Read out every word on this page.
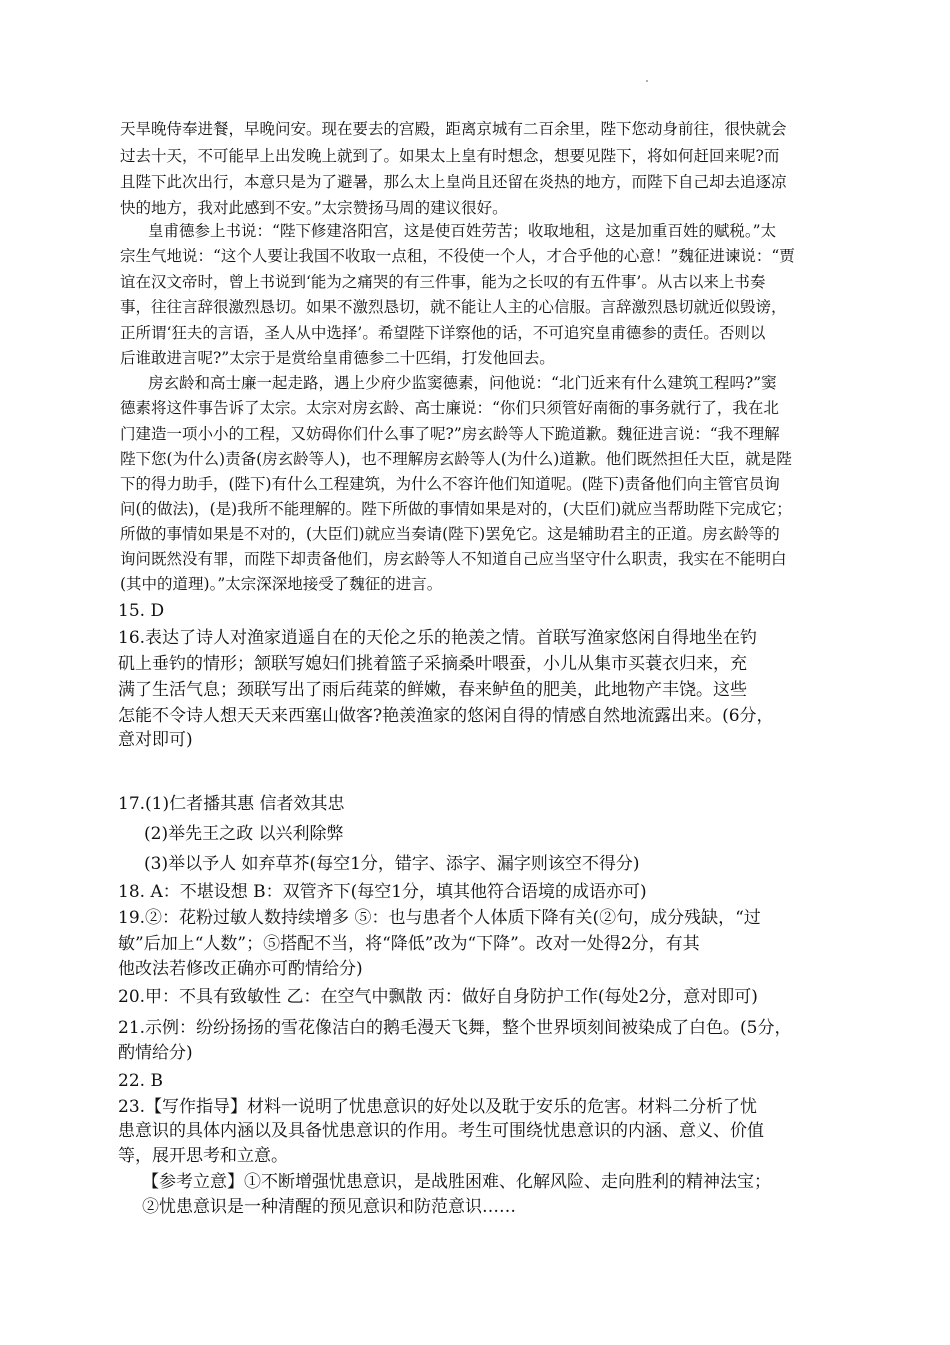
天旱晚侍奉进餐，早晚问安。现在要去的宫殿，距离京城有二百余里，陛下您动身前往，很快就会
过去十天，不可能早上出发晚上就到了。如果太上皇有时想念，想要见陛下，将如何赶回来呢?而
且陛下此次出行，本意只是为了避暑，那么太上皇尚且还留在炎热的地方，而陛下自己却去追逐凉
快的地方，我对此感到不安。”太宗赞扬马周的建议很好。
皇甫德参上书说：“陛下修建洛阳宫，这是使百姓劳苦；收取地租，这是加重百姓的赋税。”太
宗生气地说：“这个人要让我国不收取一点租，不役使一个人，才合乎他的心意！”魏征进谏说：“贾
谊在汉文帝时，曾上书说到‘能为之痛哭的有三件事，能为之长叹的有五件事’。从古以来上书奏
事，往往言辞很激烈恳切。如果不激烈恳切，就不能让人主的心信服。言辞激烈恳切就近似毁谤，
正所谓‘狂夫的言语，圣人从中选择’。希望陛下详察他的话，不可追究皇甫德参的责任。否则以
后谁敢进言呢?”太宗于是赏给皇甫德参二十匹绢，打发他回去。
房玄龄和高士廉一起走路，遇上少府少监窦德素，问他说：“北门近来有什么建筑工程吗?”窦
德素将这件事告诉了太宗。太宗对房玄龄、高士廉说：“你们只须管好南衙的事务就行了，我在北
门建造一项小小的工程，又妨碍你们什么事了呢?”房玄龄等人下跪道歉。魏征进言说：“我不理解
陛下您(为什么)责备(房玄龄等人)，也不理解房玄龄等人(为什么)道歉。他们既然担任大臣，就是陛
下的得力助手，(陛下)有什么工程建筑，为什么不容许他们知道呢。(陛下)责备他们向主管官员询
问(的做法)，(是)我所不能理解的。陛下所做的事情如果是对的，(大臣们)就应当帮助陛下完成它；
所做的事情如果是不对的，(大臣们)就应当奏请(陛下)罢免它。这是辅助君主的正道。房玄龄等的
询问既然没有罪，而陛下却责备他们，房玄龄等人不知道自己应当坚守什么职责，我实在不能明白
(其中的道理)。”太宗深深地接受了魏征的进言。
15. D
16.表达了诗人对渔家逍遥自在的天伦之乐的艳羡之情。首联写渔家悠闲自得地坐在钓
矶上垂钓的情形；颔联写媳妇们挑着篮子采摘桑叶喂蚕，小儿从集市买蓑衣归来，充
满了生活气息；颈联写出了雨后莼菜的鲜嫩，春来鲈鱼的肥美，此地物产丰饶。这些
怎能不令诗人想天天来西塞山做客?艳羡渔家的悠闲自得的情感自然地流露出来。(6分，
意对即可)
17.(1)仁者播其惠 信者效其忠
(2)举先王之政 以兴利除弊
(3)举以予人 如弃草芥(每空1分，错字、添字、漏字则该空不得分)
18. A：不堪设想 B：双管齐下(每空1分，填其他符合语境的成语亦可)
19.②：花粉过敏人数持续增多 ⑤：也与患者个人体质下降有关(②句，成分残缺，“过
敏”后加上“人数”；⑤搭配不当，将“降低”改为“下降”。改对一处得2分，有其
他改法若修改正确亦可酌情给分)
20.甲：不具有致敏性 乙：在空气中飘散 丙：做好自身防护工作(每处2分，意对即可)
21.示例：纷纷扬扬的雪花像洁白的鹅毛漫天飞舞，整个世界顷刻间被染成了白色。(5分，
酌情给分)
22. B
23.【写作指导】材料一说明了忧患意识的好处以及耽于安乐的危害。材料二分析了忧
患意识的具体内涵以及具备忧患意识的作用。考生可围绕忧患意识的内涵、意义、价值
等，展开思考和立意。
【参考立意】①不断增强忧患意识，是战胜困难、化解风险、走向胜利的精神法宝；
②忧患意识是一种清醒的预见意识和防范意识……
